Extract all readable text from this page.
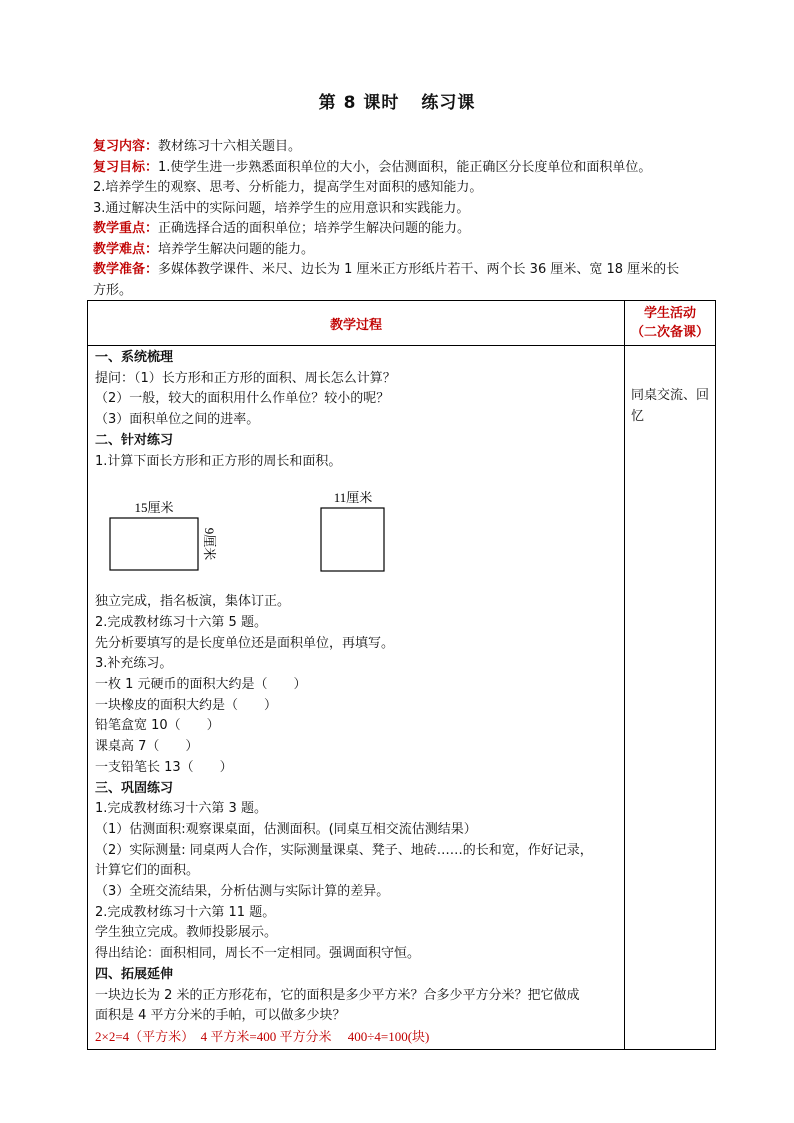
第 8 课时 练习课

复习内容：教材练习十六相关题目。

复习目标：1.使学生进一步熟悉面积单位的大小，会估测面积，能正确区分长度单位和面积单位。

2.培养学生的观察、思考、分析能力，提高学生对面积的感知能力。

3.通过解决生活中的实际问题，培养学生的应用意识和实践能力。

教学重点：正确选择合适的面积单位；培养学生解决问题的能力。

教学难点：培养学生解决问题的能力。

教学准备：多媒体教学课件、米尺、边长为 1 厘米正方形纸片若干、两个长 36 厘米、宽 18 厘米的长

方形。

教学过程
学生活动
（二次备课）

一、系统梳理

提问：（1）长方形和正方形的面积、周长怎么计算？

（2）一般，较大的面积用什么作单位？较小的呢？

（3）面积单位之间的进率。

二、针对练习

1.计算下面长方形和正方形的周长和面积。

15厘米
9厘米
11厘米

独立完成，指名板演，集体订正。

2.完成教材练习十六第 5 题。

先分析要填写的是长度单位还是面积单位，再填写。

3.补充练习。

一枚 1 元硬币的面积大约是（　　）

一块橡皮的面积大约是（　　）

铅笔盒宽 10（　　）

课桌高 7（　　）

一支铅笔长 13（　　）

三、巩固练习

1.完成教材练习十六第 3 题。

（1）估测面积:观察课桌面，估测面积。(同桌互相交流估测结果）

（2）实际测量: 同桌两人合作，实际测量课桌、凳子、地砖……的长和宽，作好记录，

计算它们的面积。

（3）全班交流结果，分析估测与实际计算的差异。

2.完成教材练习十六第 11 题。

学生独立完成。教师投影展示。

得出结论：面积相同，周长不一定相同。强调面积守恒。

四、拓展延伸

一块边长为 2 米的正方形花布，它的面积是多少平方米？合多少平方分米？把它做成

面积是 4 平方分米的手帕，可以做多少块？

2×2=4（平方米）　4 平方米=400 平方分米　 400÷4=100(块)

同桌交流、回忆
